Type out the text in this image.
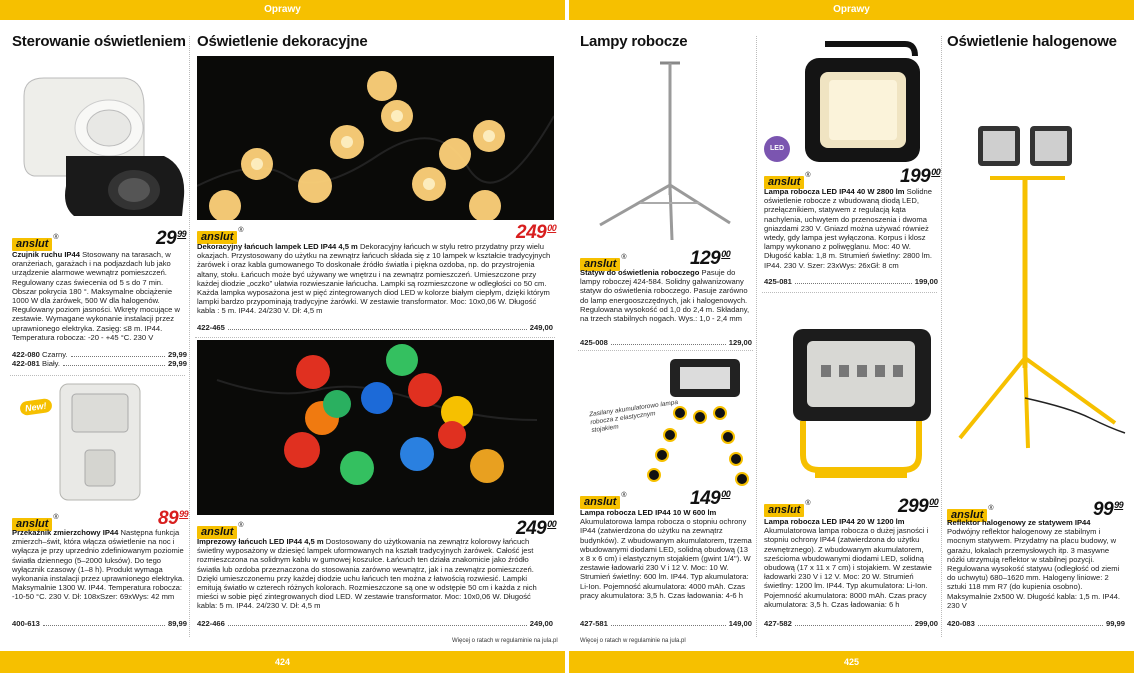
Oprawy	Oprawy
424	425
Więcej o ratach w regulaminie na jula.pl	Więcej o ratach w regulaminie na jula.pl
Sterowanie oświetleniem Oświetlenie dekoracyjne	Lampy robocze	Oświetlenie halogenowe
anslut®	$29^{99}$
Czujnik ruchu IP44 Stosowany na tarasach, w oranżeriach, garażach i na podjazdach lub jako urządzenie alarmowe wewnątrz pomieszczeń. Regulowany czas świecenia od 5 s do 7 min. Obszar pokrycia 180 °. Maksymalne obciążenie 1000 W dla żarówek, 500 W dla halogenów. Regulowany poziom jasności. Wkręty mocujące w zestawie. Wymagane wykonanie instalacji przez uprawnionego elektryka. Zasięg: ≤8 m. IP44. Temperatura robocza: -20 - +45 °C. 230 V
422-080 Czarny.	29,99
422-081 Biały.	29,99
New!
anslut®	$89^{99}$
Przekaźnik zmierzchowy IP44 Następna funkcja zmierzch–świt, która włącza oświetlenie na noc i wyłącza je przy uprzednio zdefiniowanym poziomie światła dziennego (5–2000 luksów). Do tego wyłącznik czasowy (1–8 h). Produkt wymaga wykonania instalacji przez uprawnionego elektryka. Maksymalnie 1300 W. IP44. Temperatura robocza: -10-50 °C. 230 V. Dł: 108xSzer: 69xWys: 42 mm
400-613	89,99
anslut®	$249^{00}$
Dekoracyjny łańcuch lampek LED IP44 4,5 m Dekoracyjny łańcuch w stylu retro przydatny przy wielu okazjach. Przystosowany do użytku na zewnątrz łańcuch składa się z 10 lampek w kształcie tradycyjnych żarówek i oraz kabla gumowanego To doskonałe źródło światła i piękna ozdoba, np. do przystrojenia altany, stołu. Łańcuch może być używany we wnętrzu i na zewnątrz pomieszczeń. Umieszczone przy każdej diodzie „oczko” ułatwia rozwieszanie łańcucha. Lampki są rozmieszczone w odległości co 50 cm. Każda lampka wyposażona jest w pięć zintegrowanych diod LED w kolorze białym ciepłym, dzięki którym lampki bardzo przypominają tradycyjne żarówki. W zestawie transformator. Moc: 10x0,06 W. Długość kabla : 5 m. IP44. 24/230 V. Dł: 4,5 m
422-465	249,00
anslut®	$249^{00}$
Imprezowy łańcuch LED IP44 4,5 m Dostosowany do użytkowania na zewnątrz kolorowy łańcuch świetlny wyposażony w dziesięć lampek uformowanych na kształt tradycyjnych żarówek. Całość jest rozmieszczona na solidnym kablu w gumowej koszulce. Łańcuch ten działa znakomicie jako źródło światła lub ozdoba przeznaczona do stosowania zarówno wewnątrz, jak i na zewnątrz pomieszczeń. Dzięki umieszczonemu przy każdej diodzie uchu łańcuch ten można z łatwością rozwiesić. Lampki emitują światło w czterech różnych kolorach. Rozmieszczone są one w odstępie 50 cm i każda z nich mieści w sobie pięć zintegrowanych diod LED. W zestawie transformator. Moc: 10x0,06 W. Długość kabla: 5 m. IP44. 24/230 V. Dł: 4,5 m
422-466	249,00
anslut®	$129^{00}$
Statyw do oświetlenia roboczego Pasuje do lampy roboczej 424-584. Solidny galwanizowany statyw do oświetlenia roboczego. Pasuje zarówno do lamp energooszczędnych, jak i halogenowych. Regulowana wysokość od 1,0 do 2,4 m. Składany, na trzech stabilnych nogach. Wys.: 1,0 - 2,4 mm
425-008	129,00
Zasilany akumulatorowo lampa robocza z elastycznym stojakiem
anslut®	$149^{00}$
Lampa robocza LED IP44 10 W 600 lm Akumulatorowa lampa robocza o stopniu ochrony IP44 (zatwierdzona do użytku na zewnątrz budynków). Z wbudowanym akumulatorem, trzema wbudowanymi diodami LED, solidną obudową (13 x 8 x 6 cm) i elastycznym stojakiem (gwint 1/4"). W zestawie ładowarki 230 V i 12 V. Moc: 10 W. Strumień świetlny: 600 lm. IP44. Typ akumulatora: Li-Ion. Pojemność akumulatora: 4000 mAh. Czas pracy akumulatora: 3,5 h. Czas ładowania: 4-6 h
427-581	149,00
LED
anslut®	$199^{00}$
Lampa robocza LED IP44 40 W 2800 lm Solidne oświetlenie robocze z wbudowaną diodą LED, przełącznikiem, statywem z regulacją kąta nachylenia, uchwytem do przenoszenia i dwoma gniazdami 230 V. Gniazd można używać również wtedy, gdy lampa jest wyłączona. Korpus i klosz lampy wykonano z poliwęglanu. Moc: 40 W. Długość kabla: 1,8 m. Strumień świetlny: 2800 lm. IP44. 230 V. Szer: 23xWys: 26xGł: 8 cm
425-081	199,00
anslut®	$299^{00}$
Lampa robocza LED IP44 20 W 1200 lm Akumulatorowa lampa robocza o dużej jasności i stopniu ochrony IP44 (zatwierdzona do użytku zewnętrznego). Z wbudowanym akumulatorem, sześcioma wbudowanymi diodami LED, solidną obudową (17 x 11 x 7 cm) i stojakiem. W zestawie ładowarki 230 V i 12 V. Moc: 20 W. Strumień świetlny: 1200 lm. IP44. Typ akumulatora: Li-Ion. Pojemność akumulatora: 8000 mAh. Czas pracy akumulatora: 3,5 h. Czas ładowania: 6 h
427-582	299,00
anslut®	$99^{99}$
Reflektor halogenowy ze statywem IP44 Podwójny reflektor halogenowy ze stabilnym i mocnym statywem. Przydatny na placu budowy, w garażu, lokalach przemysłowych itp. 3 masywne nóżki utrzymują reflektor w stabilnej pozycji. Regulowana wysokość statywu (odległość od ziemi do uchwytu) 680–1620 mm. Halogeny liniowe: 2 sztuki 118 mm R7 (do kupienia osobno). Maksymalnie 2x500 W. Długość kabla: 1,5 m. IP44. 230 V
420-083	99,99
